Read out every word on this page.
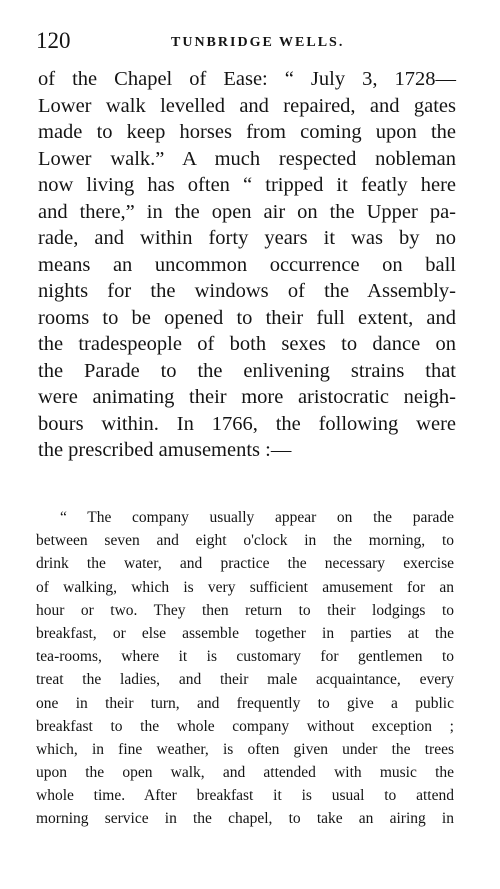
120	TUNBRIDGE WELLS.
of the Chapel of Ease: “ July 3, 1728—
Lower walk levelled and repaired, and gates
made to keep horses from coming upon the
Lower walk.” A much respected nobleman
now living has often “ tripped it featly here
and there,” in the open air on the Upper pa-
rade, and within forty years it was by no
means an uncommon occurrence on ball
nights for the windows of the Assembly-
rooms to be opened to their full extent, and
the tradespeople of both sexes to dance on
the Parade to the enlivening strains that
were animating their more aristocratic neigh-
bours within. In 1766, the following were
the prescribed amusements :—
“ The company usually appear on the parade
between seven and eight o'clock in the morning, to
drink the water, and practice the necessary exercise
of walking, which is very sufficient amusement for an
hour or two. They then return to their lodgings to
breakfast, or else assemble together in parties at the
tea-rooms, where it is customary for gentlemen to
treat the ladies, and their male acquaintance, every
one in their turn, and frequently to give a public
breakfast to the whole company without exception ;
which, in fine weather, is often given under the trees
upon the open walk, and attended with music the
whole time. After breakfast it is usual to attend
morning service in the chapel, to take an airing in
